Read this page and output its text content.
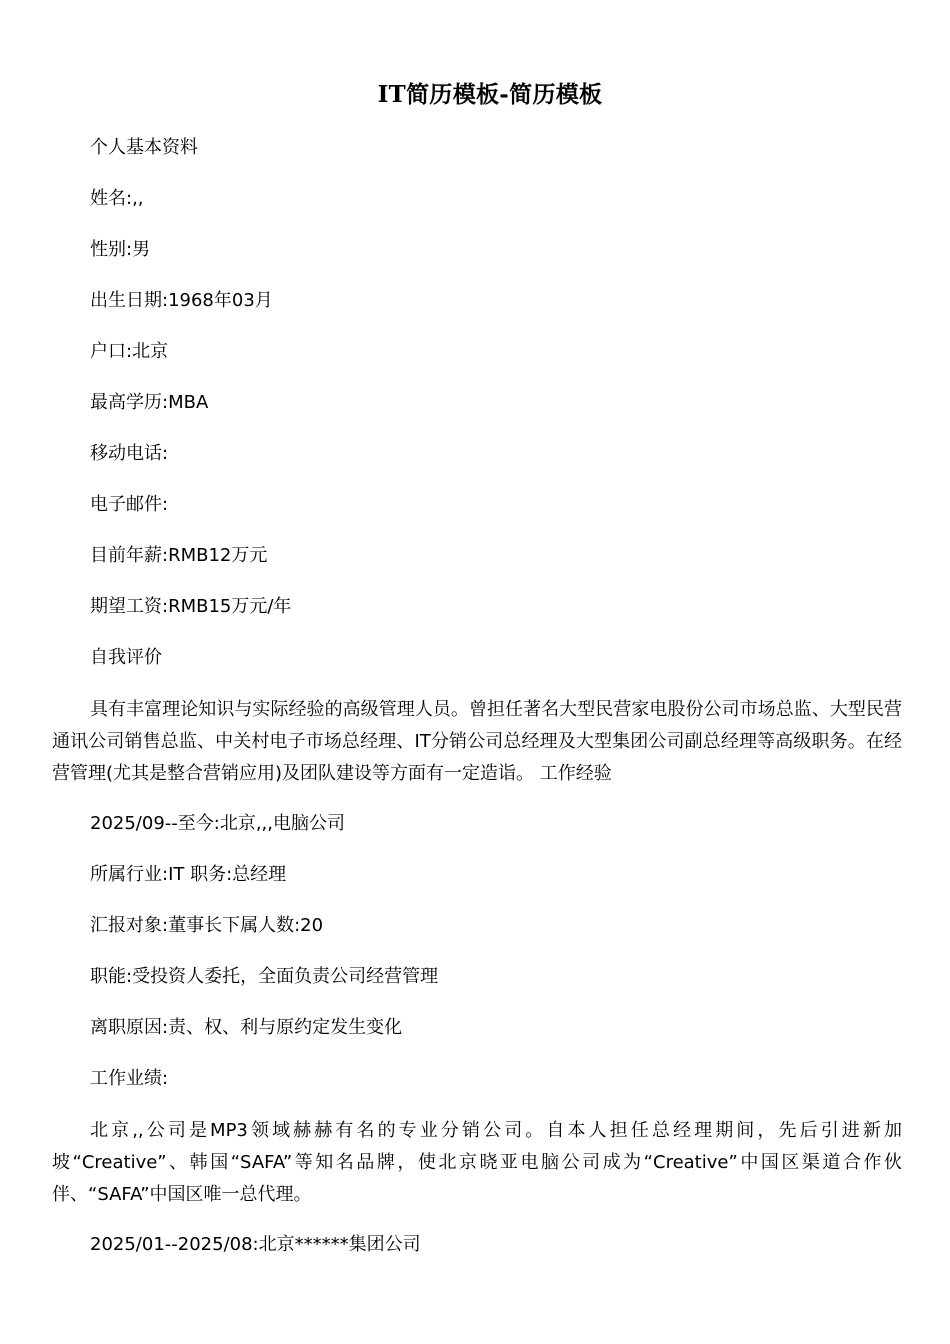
IT简历模板-简历模板
个人基本资料
姓名:,,
性别:男
出生日期:1968年03月
户口:北京
最高学历:MBA
移动电话:
电子邮件:
目前年薪:RMB12万元
期望工资:RMB15万元/年
自我评价
具有丰富理论知识与实际经验的高级管理人员。曾担任著名大型民营家电股份公司市场总监、大型民营通讯公司销售总监、中关村电子市场总经理、IT分销公司总经理及大型集团公司副总经理等高级职务。在经营管理(尤其是整合营销应用)及团队建设等方面有一定造诣。 工作经验
2025/09--至今:北京,,,电脑公司
所属行业:IT 职务:总经理
汇报对象:董事长下属人数:20
职能:受投资人委托，全面负责公司经营管理
离职原因:责、权、利与原约定发生变化
工作业绩:
北京,,公司是MP3领域赫赫有名的专业分销公司。自本人担任总经理期间，先后引进新加坡“Creative”、韩国“SAFA”等知名品牌，使北京晓亚电脑公司成为“Creative”中国区渠道合作伙伴、“SAFA”中国区唯一总代理。
2025/01--2025/08:北京******集团公司
